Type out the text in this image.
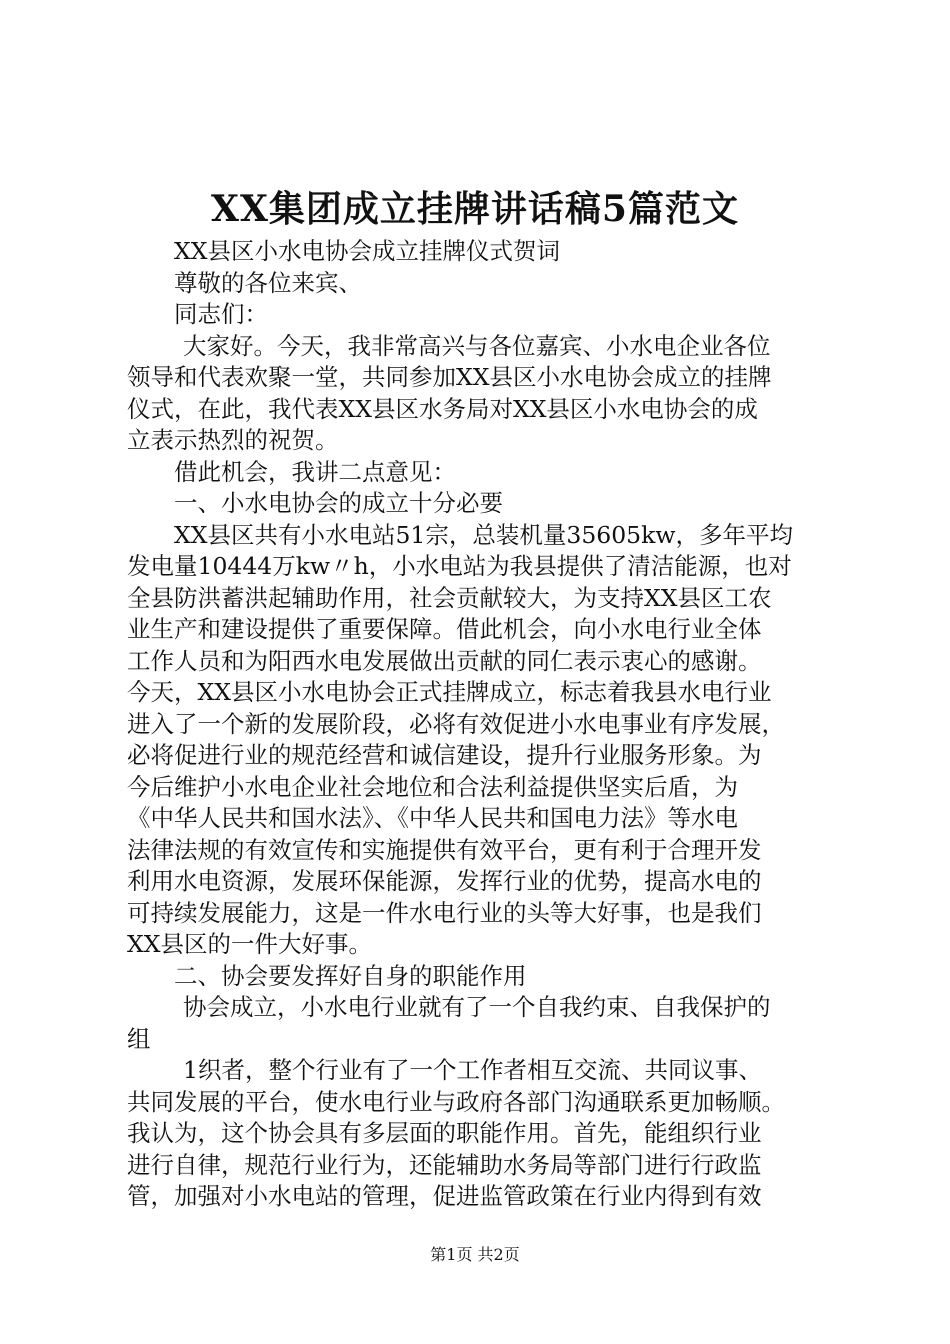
XX集团成立挂牌讲话稿5篇范文
XX县区小水电协会成立挂牌仪式贺词
尊敬的各位来宾、
同志们：
大家好。今天，我非常高兴与各位嘉宾、小水电企业各位
领导和代表欢聚一堂，共同参加XX县区小水电协会成立的挂牌
仪式，在此，我代表XX县区水务局对XX县区小水电协会的成
立表示热烈的祝贺。
借此机会，我讲二点意见：
一、小水电协会的成立十分必要
XX县区共有小水电站51宗，总装机量35605kw，多年平均
发电量10444万kw〃h，小水电站为我县提供了清洁能源，也对
全县防洪蓄洪起辅助作用，社会贡献较大，为支持XX县区工农
业生产和建设提供了重要保障。借此机会，向小水电行业全体
工作人员和为阳西水电发展做出贡献的同仁表示衷心的感谢。
今天，XX县区小水电协会正式挂牌成立，标志着我县水电行业
进入了一个新的发展阶段，必将有效促进小水电事业有序发展，
必将促进行业的规范经营和诚信建设，提升行业服务形象。为
今后维护小水电企业社会地位和合法利益提供坚实后盾，为
《中华人民共和国水法》、《中华人民共和国电力法》等水电
法律法规的有效宣传和实施提供有效平台，更有利于合理开发
利用水电资源，发展环保能源，发挥行业的优势，提高水电的
可持续发展能力，这是一件水电行业的头等大好事，也是我们
XX县区的一件大好事。
二、协会要发挥好自身的职能作用
协会成立，小水电行业就有了一个自我约束、自我保护的
组
1织者，整个行业有了一个工作者相互交流、共同议事、
共同发展的平台，使水电行业与政府各部门沟通联系更加畅顺。
我认为，这个协会具有多层面的职能作用。首先，能组织行业
进行自律，规范行业行为，还能辅助水务局等部门进行行政监
管，加强对小水电站的管理，促进监管政策在行业内得到有效
第1页 共2页
